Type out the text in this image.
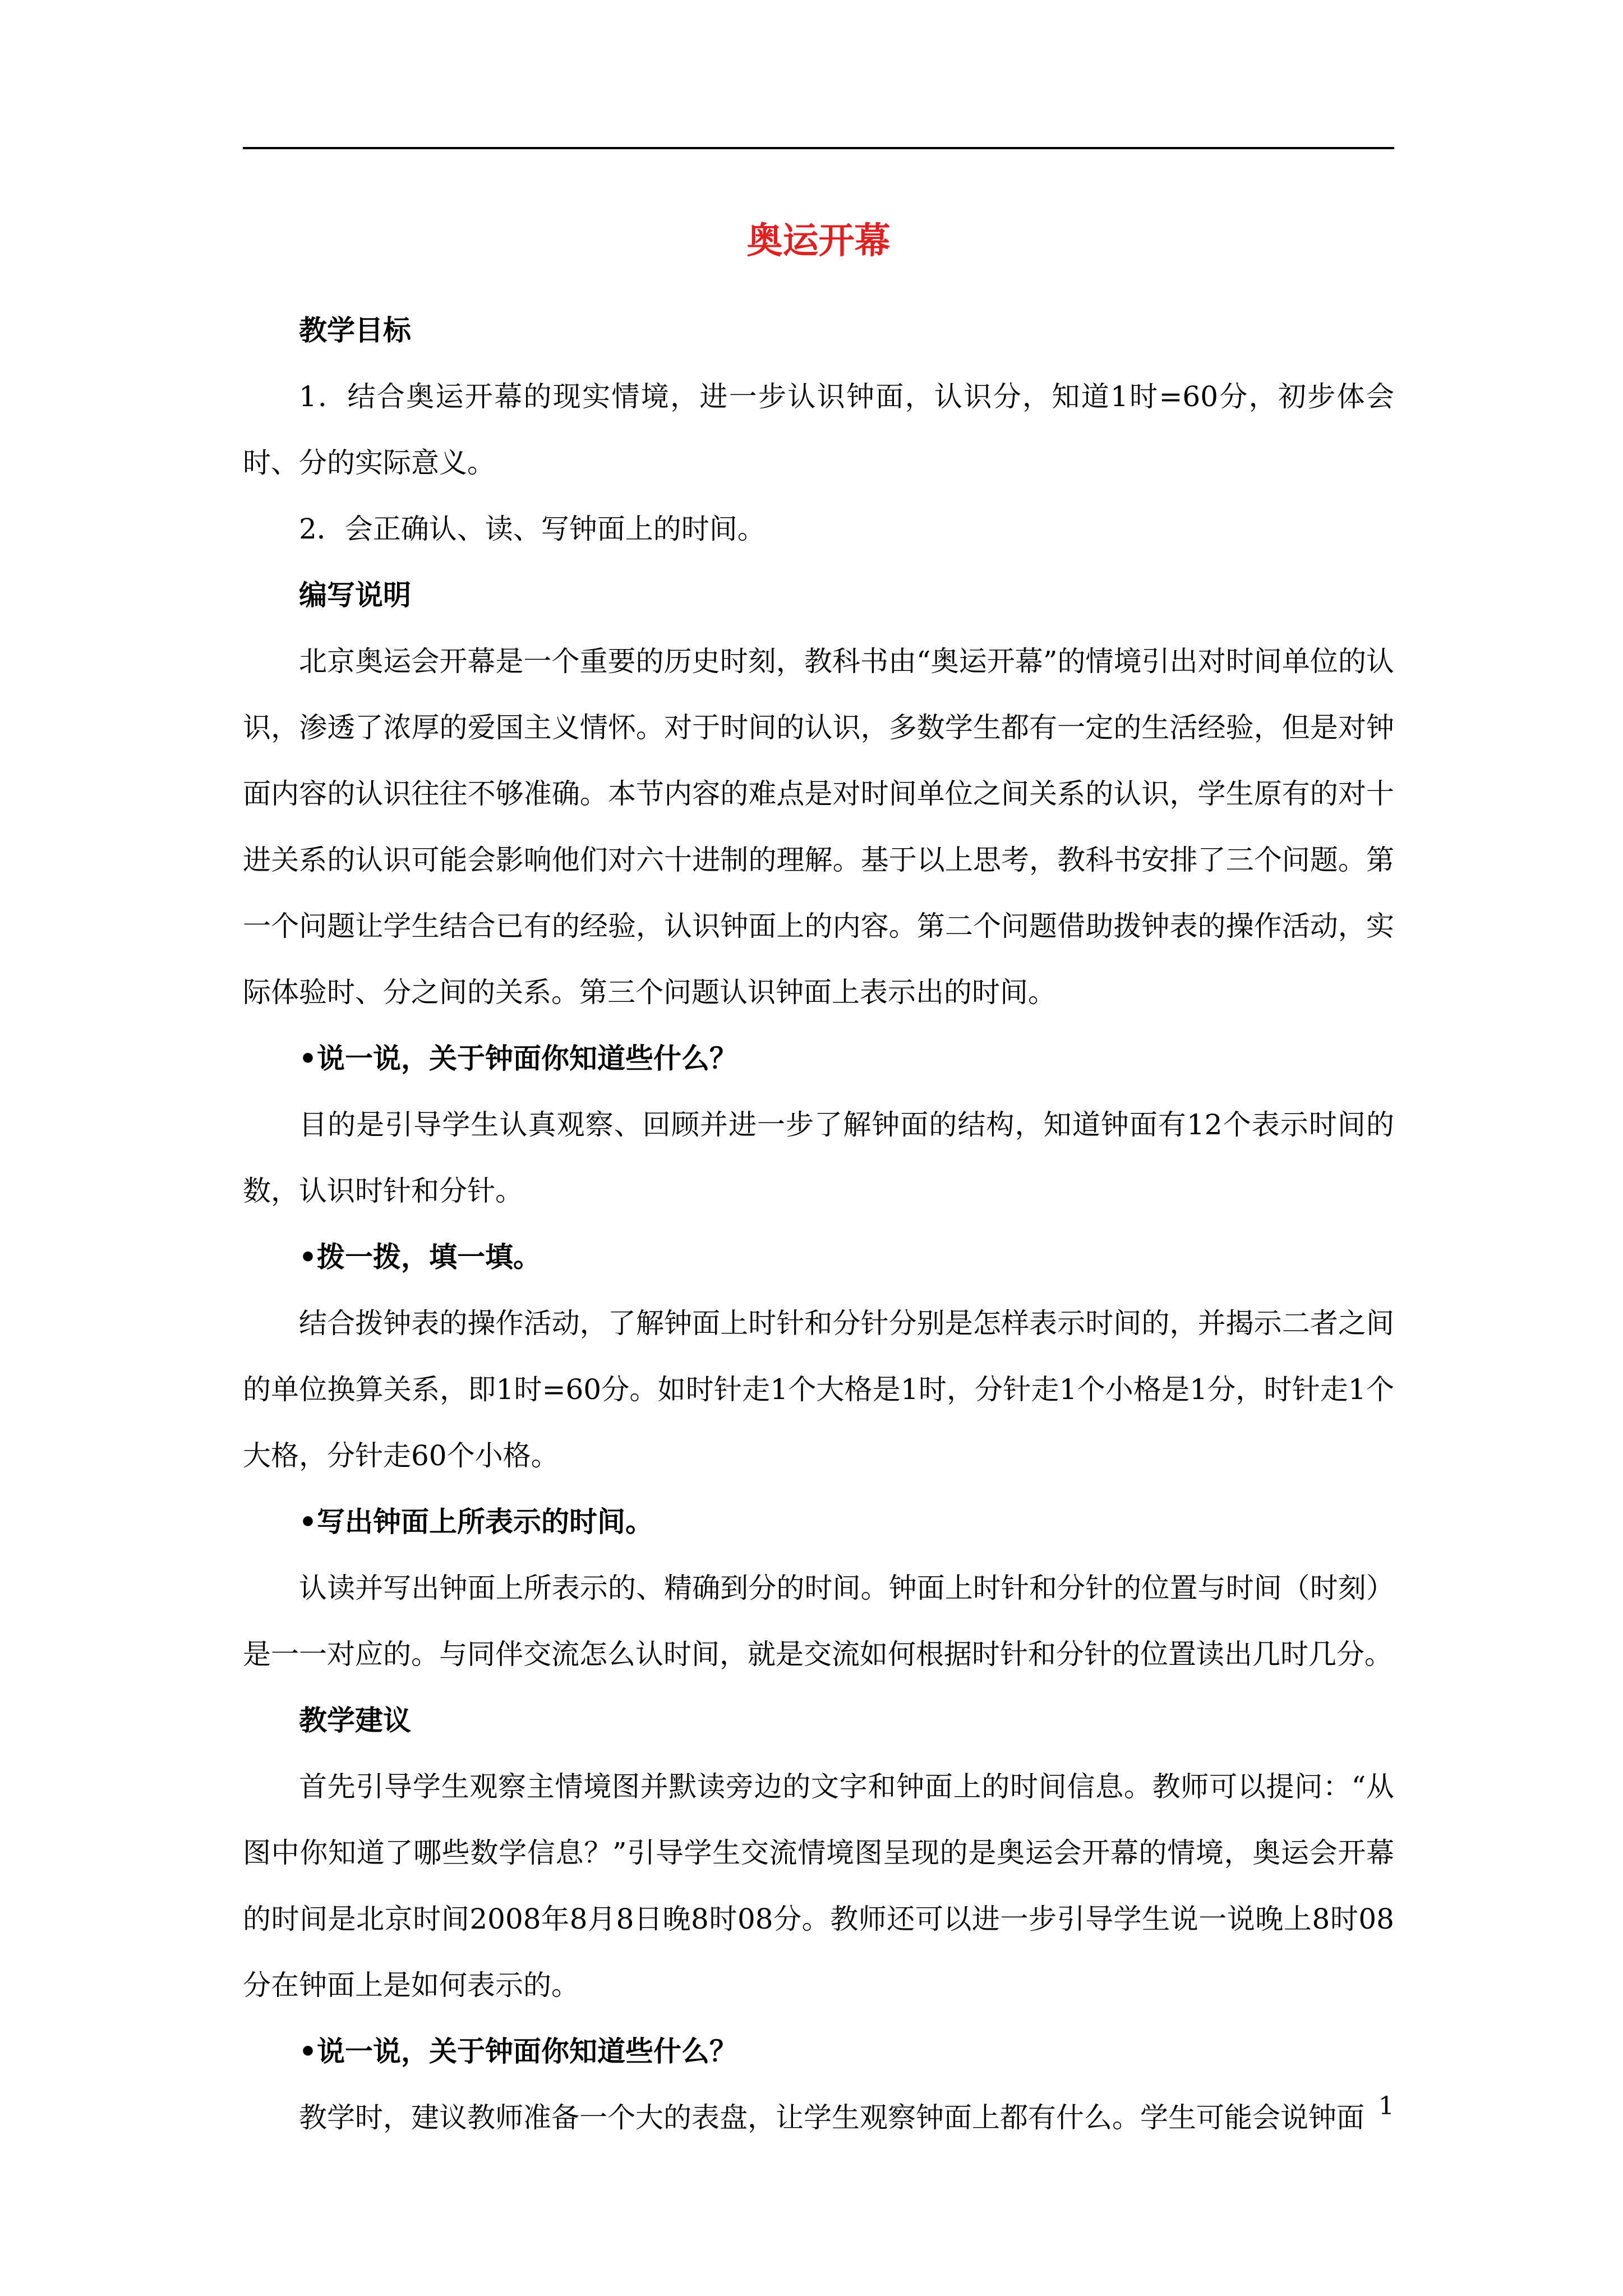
奥运开幕

教学目标

1．结合奥运开幕的现实情境，进一步认识钟面，认识分，知道1时=60分，初步体会时、分的实际意义。

2．会正确认、读、写钟面上的时间。

编写说明

北京奥运会开幕是一个重要的历史时刻，教科书由“奥运开幕”的情境引出对时间单位的认识，渗透了浓厚的爱国主义情怀。对于时间的认识，多数学生都有一定的生活经验，但是对钟面内容的认识往往不够准确。本节内容的难点是对时间单位之间关系的认识，学生原有的对十进关系的认识可能会影响他们对六十进制的理解。基于以上思考，教科书安排了三个问题。第一个问题让学生结合已有的经验，认识钟面上的内容。第二个问题借助拨钟表的操作活动，实际体验时、分之间的关系。第三个问题认识钟面上表示出的时间。

•说一说，关于钟面你知道些什么？

目的是引导学生认真观察、回顾并进一步了解钟面的结构，知道钟面有12个表示时间的数，认识时针和分针。

•拨一拨，填一填。

结合拨钟表的操作活动，了解钟面上时针和分针分别是怎样表示时间的，并揭示二者之间的单位换算关系，即1时=60分。如时针走1个大格是1时，分针走1个小格是1分，时针走1个大格，分针走60个小格。

•写出钟面上所表示的时间。

认读并写出钟面上所表示的、精确到分的时间。钟面上时针和分针的位置与时间（时刻）是一一对应的。与同伴交流怎么认时间，就是交流如何根据时针和分针的位置读出几时几分。

教学建议

首先引导学生观察主情境图并默读旁边的文字和钟面上的时间信息。教师可以提问：“从图中你知道了哪些数学信息？”引导学生交流情境图呈现的是奥运会开幕的情境，奥运会开幕的时间是北京时间2008年8月8日晚8时08分。教师还可以进一步引导学生说一说晚上8时08分在钟面上是如何表示的。

•说一说，关于钟面你知道些什么？

教学时，建议教师准备一个大的表盘，让学生观察钟面上都有什么。学生可能会说钟面 1
